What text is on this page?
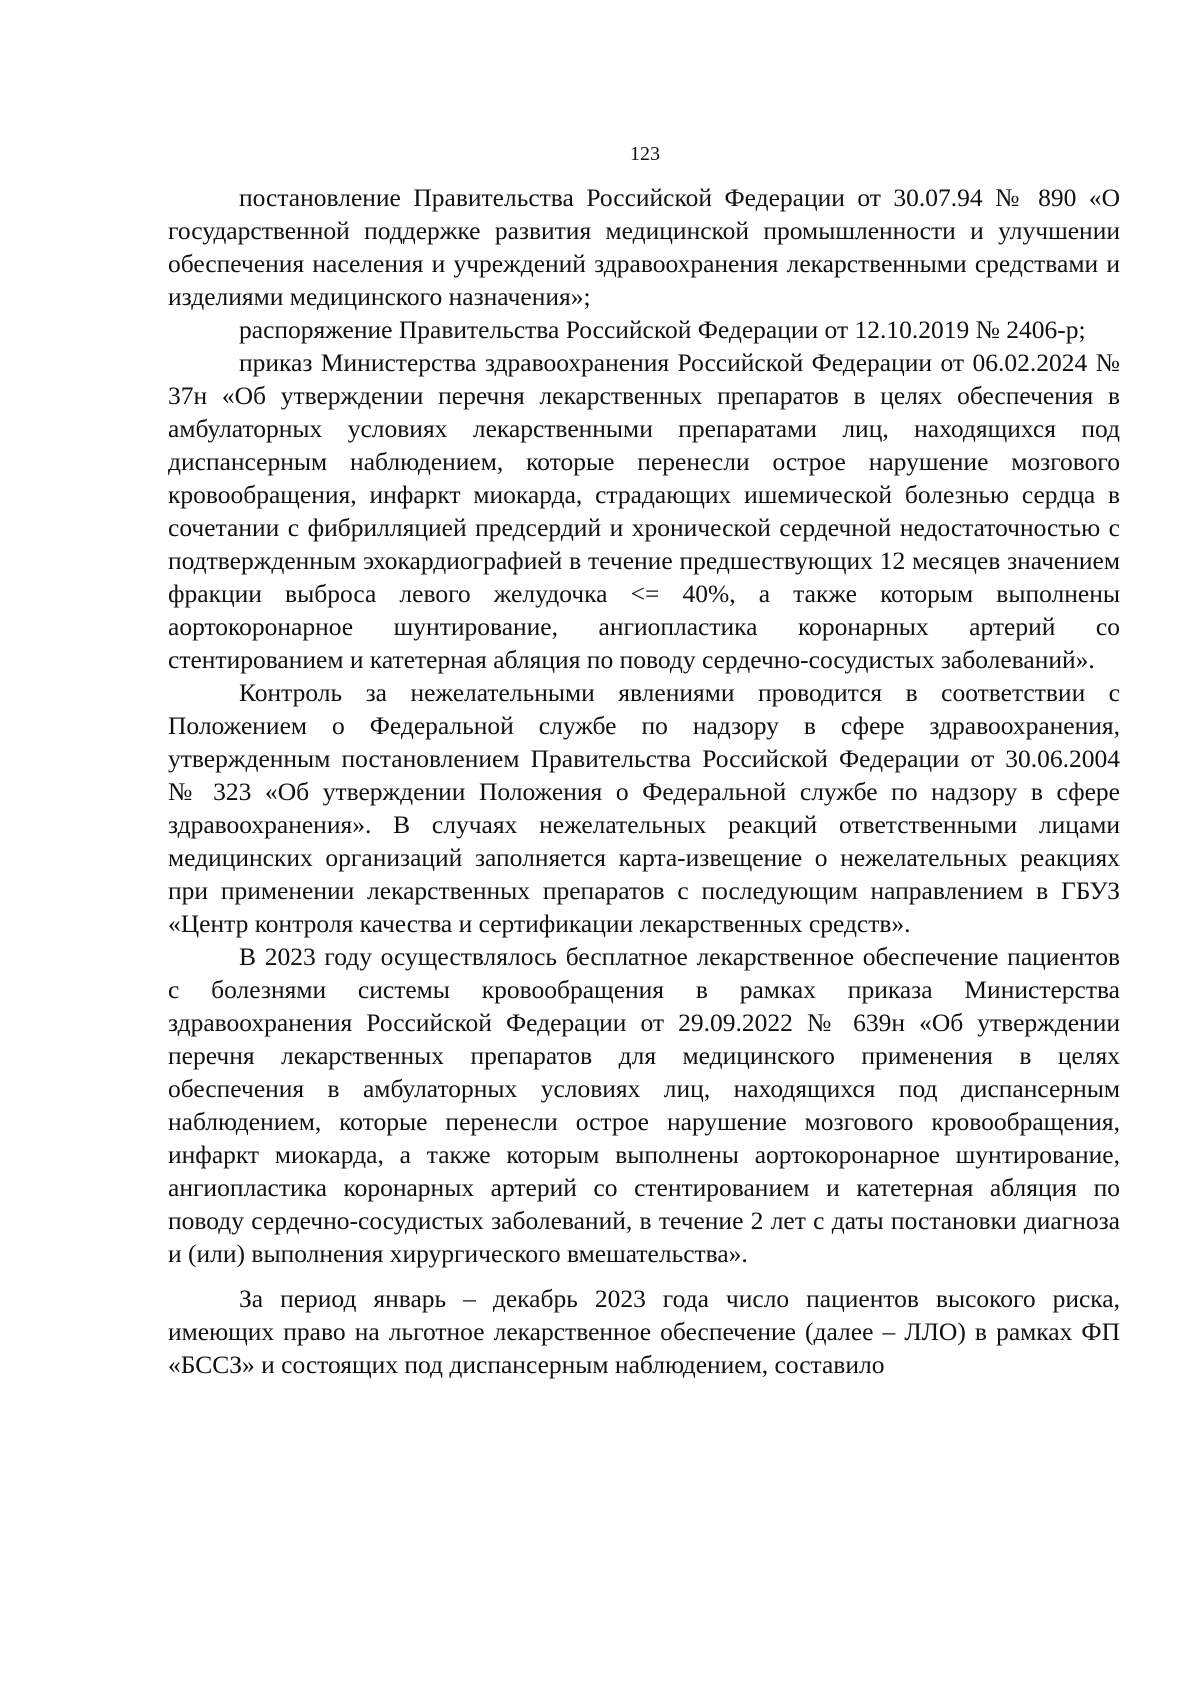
123

постановление Правительства Российской Федерации от 30.07.94 № 890 «О государственной поддержке развития медицинской промышленности и улучшении обеспечения населения и учреждений здравоохранения лекарственными средствами и изделиями медицинского назначения»;

распоряжение Правительства Российской Федерации от 12.10.2019 № 2406-р;

приказ Министерства здравоохранения Российской Федерации от 06.02.2024 № 37н «Об утверждении перечня лекарственных препаратов в целях обеспечения в амбулаторных условиях лекарственными препаратами лиц, находящихся под диспансерным наблюдением, которые перенесли острое нарушение мозгового кровообращения, инфаркт миокарда, страдающих ишемической болезнью сердца в сочетании с фибрилляцией предсердий и хронической сердечной недостаточностью с подтвержденным эхокардиографией в течение предшествующих 12 месяцев значением фракции выброса левого желудочка <= 40%, а также которым выполнены аортокоронарное шунтирование, ангиопластика коронарных артерий со стентированием и катетерная абляция по поводу сердечно-сосудистых заболеваний».

Контроль за нежелательными явлениями проводится в соответствии с Положением о Федеральной службе по надзору в сфере здравоохранения, утвержденным постановлением Правительства Российской Федерации от 30.06.2004 № 323 «Об утверждении Положения о Федеральной службе по надзору в сфере здравоохранения». В случаях нежелательных реакций ответственными лицами медицинских организаций заполняется карта-извещение о нежелательных реакциях при применении лекарственных препаратов с последующим направлением в ГБУЗ «Центр контроля качества и сертификации лекарственных средств».

В 2023 году осуществлялось бесплатное лекарственное обеспечение пациентов с болезнями системы кровообращения в рамках приказа Министерства здравоохранения Российской Федерации от 29.09.2022 № 639н «Об утверждении перечня лекарственных препаратов для медицинского применения в целях обеспечения в амбулаторных условиях лиц, находящихся под диспансерным наблюдением, которые перенесли острое нарушение мозгового кровообращения, инфаркт миокарда, а также которым выполнены аортокоронарное шунтирование, ангиопластика коронарных артерий со стентированием и катетерная абляция по поводу сердечно-сосудистых заболеваний, в течение 2 лет с даты постановки диагноза и (или) выполнения хирургического вмешательства».

За период январь – декабрь 2023 года число пациентов высокого риска, имеющих право на льготное лекарственное обеспечение (далее – ЛЛО) в рамках ФП «БССЗ» и состоящих под диспансерным наблюдением, составило
